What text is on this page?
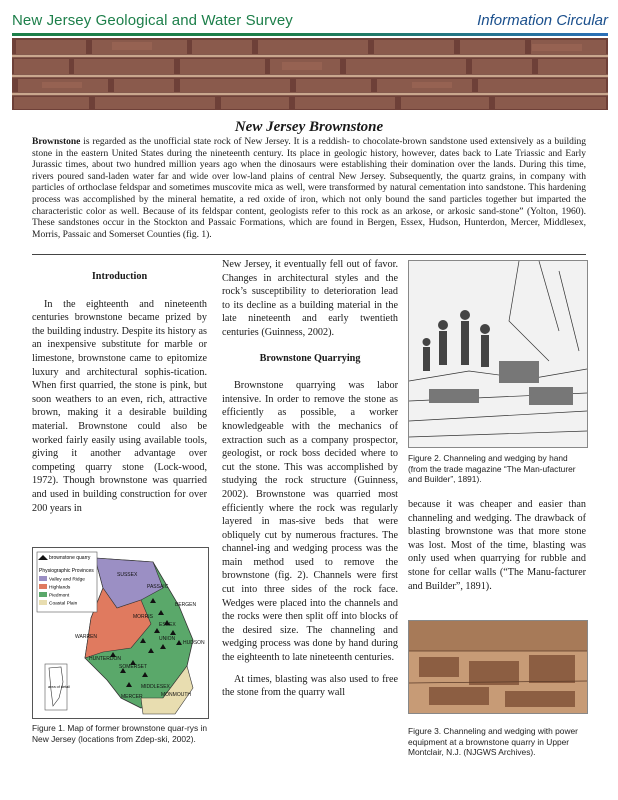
New Jersey Geological and Water Survey	Information Circular
New Jersey Brownstone
Brownstone is regarded as the unofficial state rock of New Jersey. It is a reddish- to chocolate-brown sandstone used extensively as a building stone in the eastern United States during the nineteenth century. Its place in geologic history, however, dates back to Late Triassic and Early Jurassic times, about two hundred million years ago when the dinosaurs were establishing their domination over the lands. During this time, rivers poured sand-laden water far and wide over low-land plains of central New Jersey. Subsequently, the quartz grains, in company with particles of orthoclase feldspar and sometimes muscovite mica as well, were transformed by natural cementation into sandstone. This hardening process was accomplished by the mineral hematite, a red oxide of iron, which not only bound the sand particles together but imparted the characteristic color as well. Because of its feldspar content, geologists refer to this rock as an arkose, or arkosic sand-stone” (Yolton, 1960). These sandstones occur in the Stockton and Passaic Formations, which are found in Bergen, Essex, Hudson, Hunterdon, Mercer, Middlesex, Morris, Passaic and Somerset Counties (fig. 1).

Introduction

In the eighteenth and nineteenth centuries brownstone became prized by the building industry. Despite its history as an inexpensive substitute for marble or limestone, brownstone came to epitomize luxury and architectural sophis-tication. When first quarried, the stone is pink, but soon weathers to an even, rich, attractive brown, making it a desirable building material. Brownstone could also be worked fairly easily using available tools, giving it another advantage over competing quarry stone (Lock-wood, 1972). Though brownstone was quarried and used in building construction for over 200 years in

brownstone quarry
Physiographic Provinces
Valley and Ridge
Highlands
Piedmont
Coastal Plain
SUSSEX
PASSAIC
BERGEN
MORRIS
ESSEX
WARREN	UNION
HUDSON
HUNTERDON
SOMERSET
MIDDLESEX
MERCER	MONMOUTH
area of detail
Figure 1. Map of former brownstone quar-rys in New Jersey (locations from Zdep-ski, 2002).

New Jersey, it eventually fell out of favor. Changes in architectural styles and the rock’s susceptibility to deterioration lead to its decline as a building material in the late nineteenth and early twentieth centuries (Guinness, 2002).

Brownstone Quarrying

Brownstone quarrying was labor intensive. In order to remove the stone as efficiently as possible, a worker knowledgeable with the mechanics of extraction such as a company prospector, geologist, or rock boss decided where to cut the stone. This was accomplished by studying the rock structure (Guinness, 2002). Brownstone was quarried most efficiently where the rock was regularly layered in mas-sive beds that were obliquely cut by numerous fractures. The channel-ing and wedging process was the main method used to remove the brownstone (fig. 2). Channels were first cut into three sides of the rock face. Wedges were placed into the channels and the rocks were then split off into blocks of the desired size. The channeling and wedging process was done by hand during the eighteenth to late nineteenth centuries.

At times, blasting was also used to free the stone from the quarry wall

Figure 2. Channeling and wedging by hand (from the trade magazine “The Man-ufacturer and Builder”, 1891).

because it was cheaper and easier than channeling and wedging. The drawback of blasting brownstone was that more stone was lost. Most of the time, blasting was only used when quarrying for rubble and stone for cellar walls (“The Manu-facturer and Builder”, 1891).

Figure 3. Channeling and wedging with power equipment at a brownstone quarry in Upper Montclair, N.J. (NJGWS Archives).
